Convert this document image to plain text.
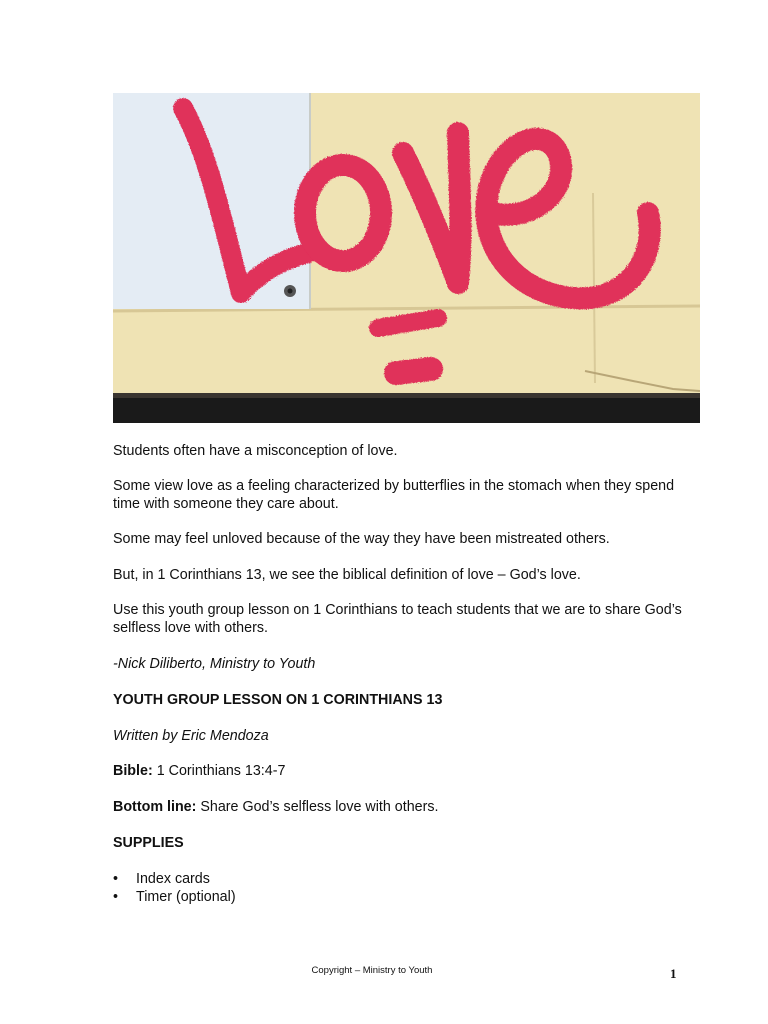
Students often have a misconception of love.

Some view love as a feeling characterized by butterflies in the stomach when they spend time with someone they care about.

Some may feel unloved because of the way they have been mistreated others.

But, in 1 Corinthians 13, we see the biblical definition of love – God’s love.

Use this youth group lesson on 1 Corinthians to teach students that we are to share God’s selfless love with others.

-Nick Diliberto, Ministry to Youth

YOUTH GROUP LESSON ON 1 CORINTHIANS 13

Written by Eric Mendoza

Bible: 1 Corinthians 13:4-7

Bottom line: Share God’s selfless love with others.

SUPPLIES

• Index cards
• Timer (optional)
Copyright – Ministry to Youth	1
